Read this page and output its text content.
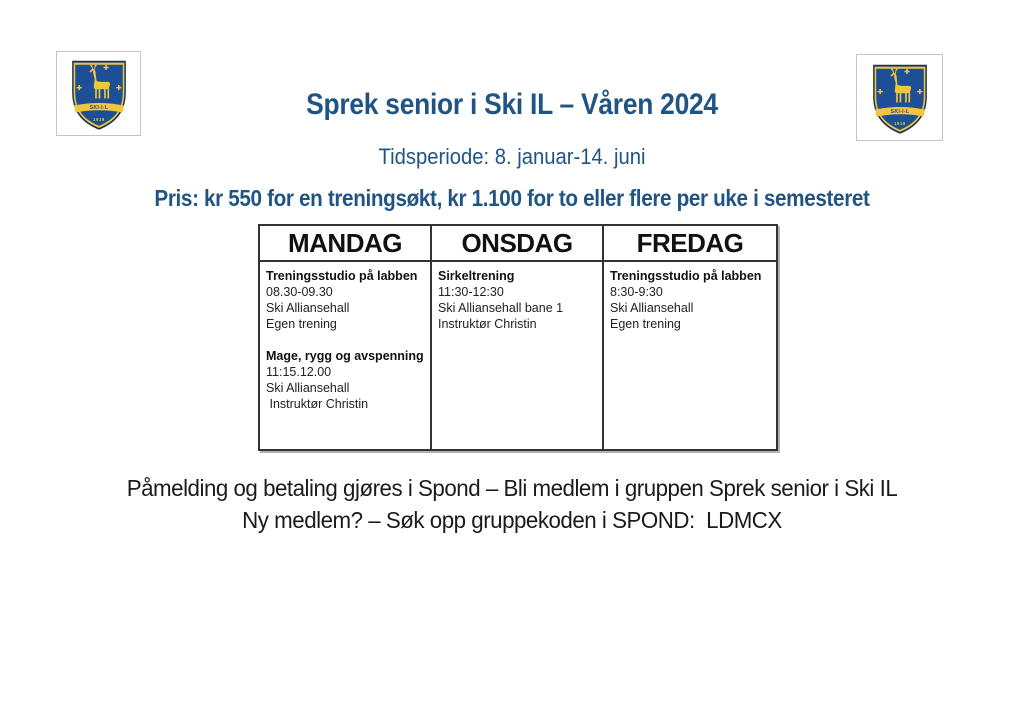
SKI-I-L
1919
SKI-I-L
1919
Sprek senior i Ski IL – Våren 2024
Tidsperiode: 8. januar-14. juni
Pris: kr 550 for en treningsøkt, kr 1.100 for to eller flere per uke i semesteret
MANDAG	ONSDAG	FREDAG

Treningsstudio på labben
08.30-09.30
Ski Alliansehall
Egen trening
Mage, rygg og avspenning
11:15.12.00
Ski Alliansehall
Instruktør Christin

Sirkeltrening
11:30-12:30
Ski Alliansehall bane 1
Instruktør Christin

Treningsstudio på labben
8:30-9:30
Ski Alliansehall
Egen trening
Påmelding og betaling gjøres i Spond – Bli medlem i gruppen Sprek senior i Ski IL
Ny medlem? – Søk opp gruppekoden i SPOND:  LDMCX
